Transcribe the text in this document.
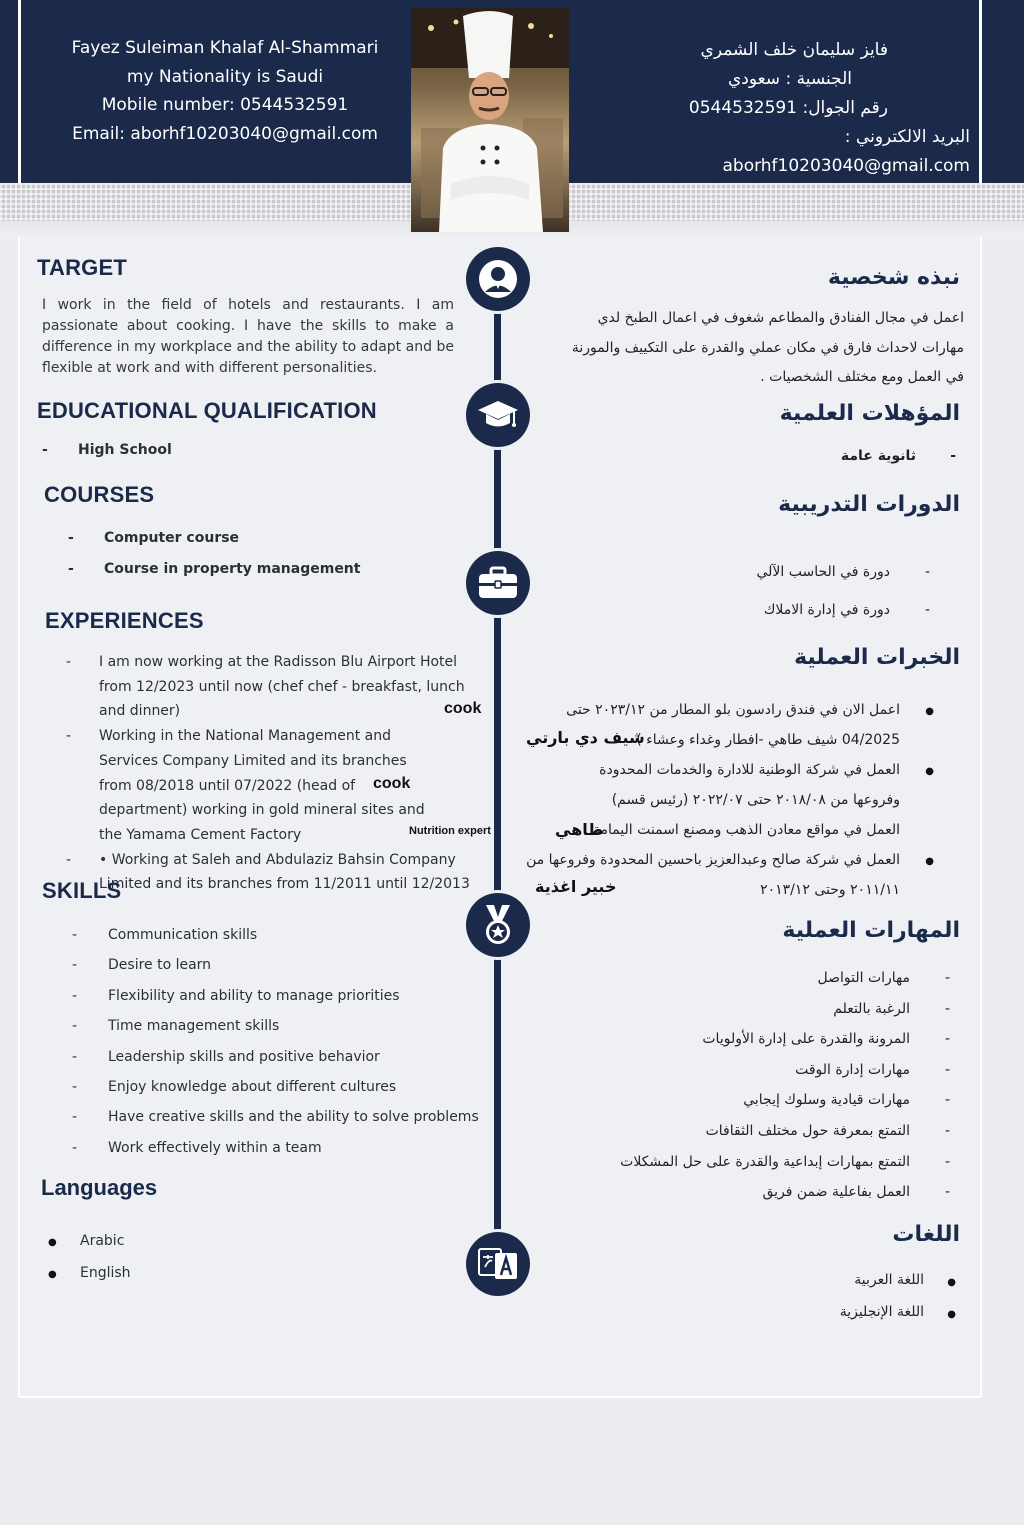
Fayez Suleiman Khalaf Al-Shammari
my Nationality is Saudi
Mobile number: 0544532591
Email: aborhf10203040@gmail.com
فايز سليمان خلف الشمري
الجنسية : سعودي
رقم الجوال: 0544532591
البريد الالكتروني : aborhf10203040@gmail.com
TARGET

I work in the field of hotels and restaurants. I am passionate about cooking. I have the skills to make a difference in my workplace and the ability to adapt and be flexible at work and with different personalities.

نبذه شخصية

اعمل في مجال الفنادق والمطاعم شغوف في اعمال الطبخ لدي مهارات لاحداث فارق في مكان عملي والقدرة على التكييف والمورنة في العمل ومع مختلف الشخصيات .

EDUCATIONAL QUALIFICATION
- High School
المؤهلات العلمية
- ثانوية عامة
COURSES
- Computer course
- Course in property management
الدورات التدريبية
- دورة في الحاسب الآلي
- دورة في إدارة الاملاك
EXPERIENCES
- I am now working at the Radisson Blu Airport Hotel from 12/2023 until now (chef chef - breakfast, lunch and dinner)
- Working in the National Management and Services Company Limited and its branches from 08/2018 until 07/2022 (head of department) working in gold mineral sites and the Yamama Cement Factory
- • Working at Saleh and Abdulaziz Bahsin Company Limited and its branches from 11/2011 until 12/2013
cook
cook
Nutrition expert
الخبرات العملية
● اعمل الان في فندق رادسون بلو المطار من ٢٠٢٣/١٢ حتى 04/2025 شيف طاهي -افطار وغداء وعشاء )
● العمل في شركة الوطنية للادارة والخدمات المحدودة وفروعها من ٢٠١٨/٠٨ حتى ٢٠٢٢/٠٧ (رئيس قسم) العمل في مواقع معادن الذهب ومصنع اسمنت اليمامة
● العمل في شركة صالح وعبدالعزيز باحسين المحدودة وفروعها من ٢٠١١/١١ وحتى ٢٠١٣/١٢
شيف دي بارتي
طاهي
خبير اغذية
SKILLS
- Communication skills
- Desire to learn
- Flexibility and ability to manage priorities
- Time management skills
- Leadership skills and positive behavior
- Enjoy knowledge about different cultures
- Have creative skills and the ability to solve problems
- Work effectively within a team
المهارات العملية
- مهارات التواصل
- الرغبة بالتعلم
- المرونة والقدرة على إدارة الأولويات
- مهارات إدارة الوقت
- مهارات قيادية وسلوك إيجابي
- التمتع بمعرفة حول مختلف الثقافات
- التمتع بمهارات إبداعية والقدرة على حل المشكلات
- العمل بفاعلية ضمن فريق
Languages
● Arabic
● English
اللغات
● اللغة العربية
● اللغة الإنجليزية
